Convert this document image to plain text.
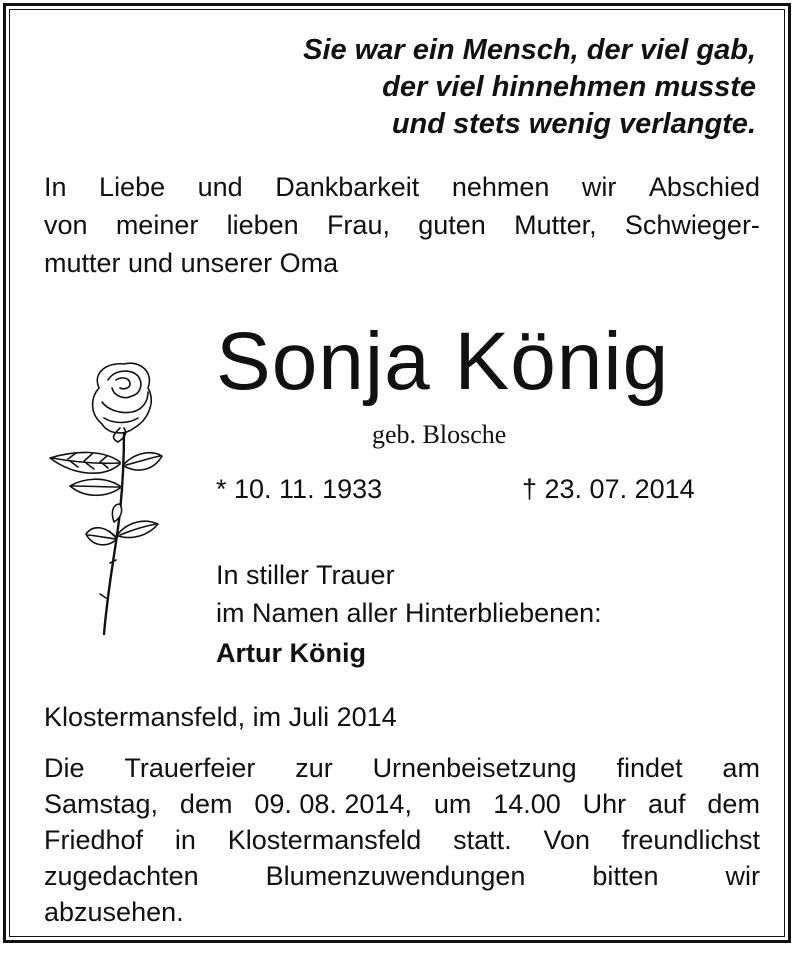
Sie war ein Mensch, der viel gab,
der viel hinnehmen musste
und stets wenig verlangte.
In Liebe und Dankbarkeit nehmen wir Abschied
von meiner lieben Frau, guten Mutter, Schwieger-
mutter und unserer Oma
Sonja König
geb. Blosche
* 10. 11. 1933	† 23. 07. 2014
In stiller Trauer
im Namen aller Hinterbliebenen:
Artur König
Klostermansfeld, im Juli 2014
Die Trauerfeier zur Urnenbeisetzung findet am
Samstag, dem 09. 08. 2014, um 14.00 Uhr auf dem
Friedhof in Klostermansfeld statt. Von freundlichst
zugedachten Blumenzuwendungen bitten wir
abzusehen.
